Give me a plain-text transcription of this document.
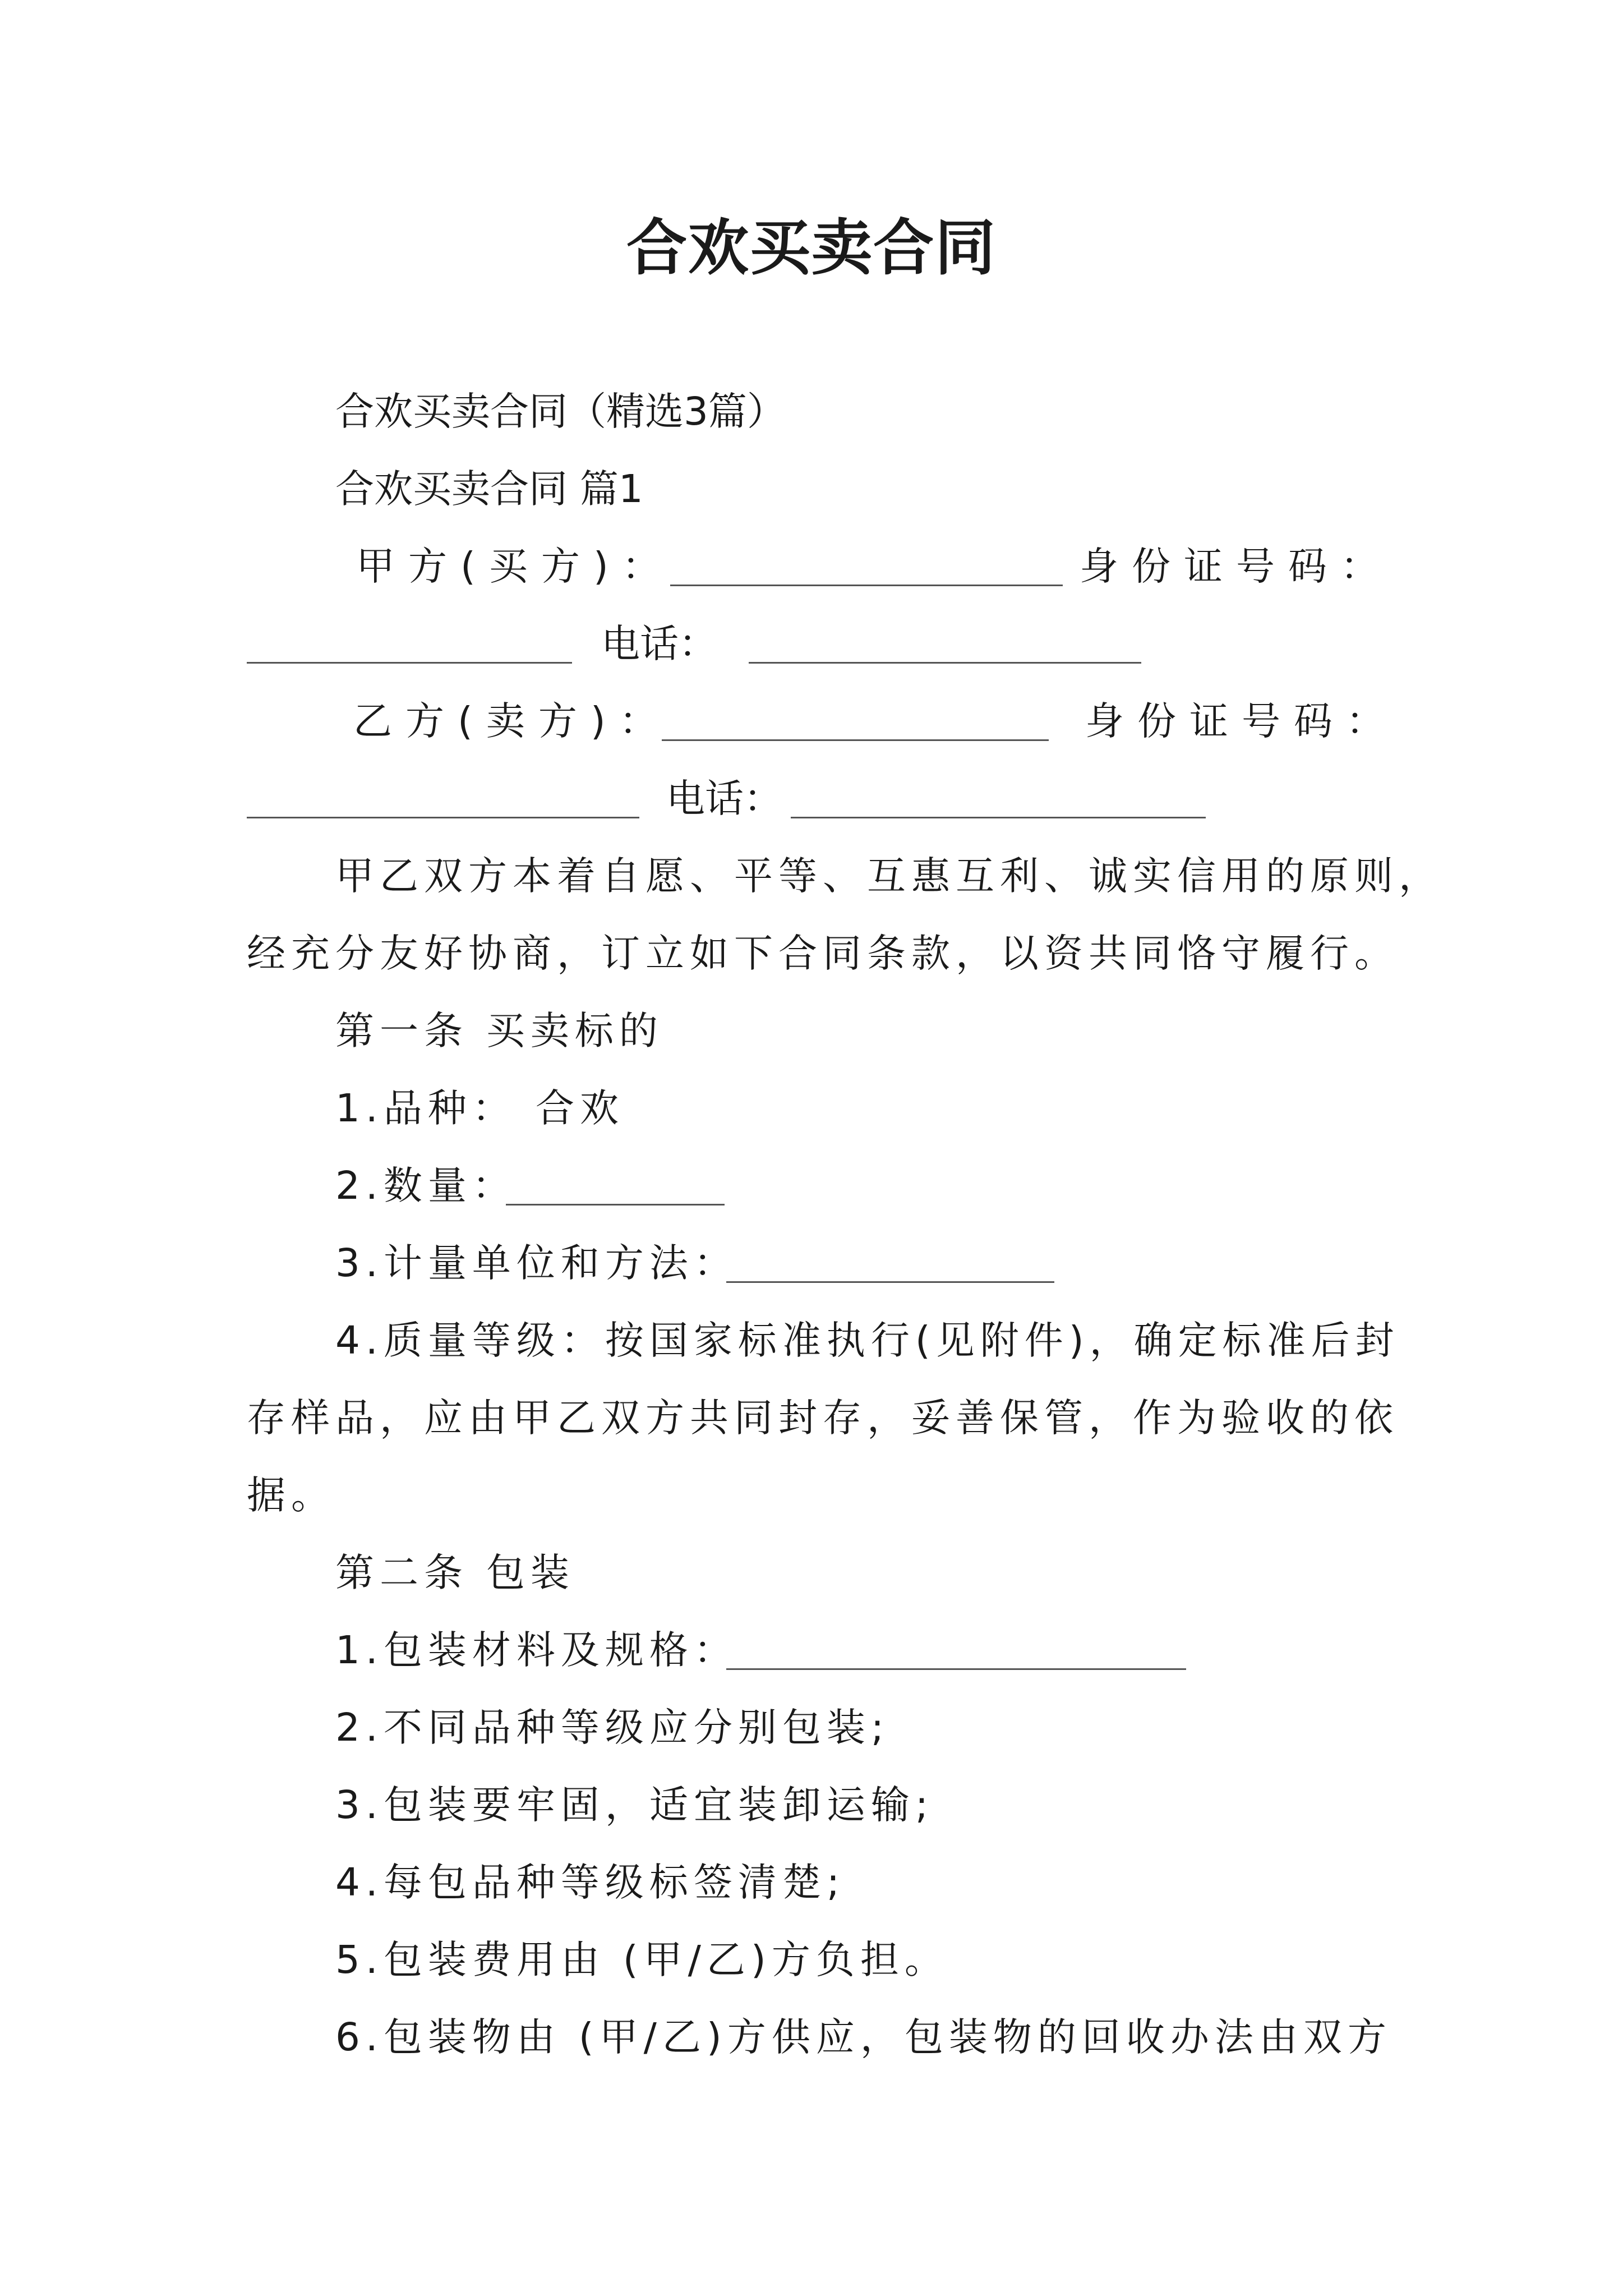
合欢买卖合同
合欢买卖合同（精选3篇）
合欢买卖合同 篇1
甲方(买方)：	身份证号码：
电话：
乙方(卖方)：	身份证号码：
电话：
甲乙双方本着自愿、平等、互惠互利、诚实信用的原则，
经充分友好协商，订立如下合同条款，以资共同恪守履行。
第一条 买卖标的
1.品种： 合欢
2.数量：
3.计量单位和方法：
4.质量等级：按国家标准执行(见附件)，确定标准后封
存样品，应由甲乙双方共同封存，妥善保管，作为验收的依
据。
第二条 包装
1.包装材料及规格：
2.不同品种等级应分别包装;
3.包装要牢固，适宜装卸运输;
4.每包品种等级标签清楚;
5.包装费用由 (甲/乙)方负担。
6.包装物由 (甲/乙)方供应，包装物的回收办法由双方
